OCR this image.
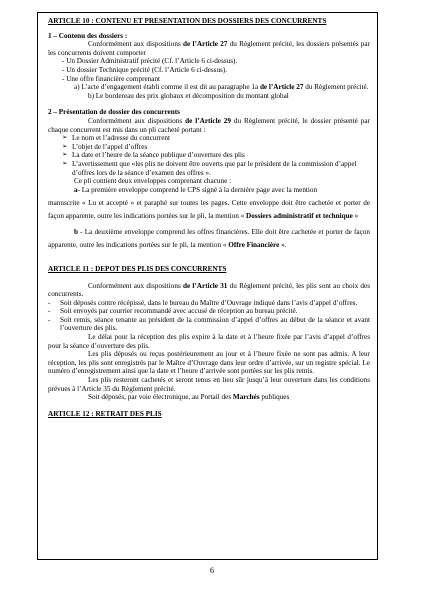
ARTICLE 10 : CONTENU ET PRESENTATION DES DOSSIERS DES CONCURRENTS

1 – Contenu des dossiers :

Conformément aux dispositions de l’Article 27 du Règlement précité, les dossiers présentés par les concurrents doivent comporter

- Un Dossier Administratif précité (Cf. l’Article 6 ci-dessus).

- Un dossier Technique précité (Cf. l’Article 6 ci-dessus).

- Une offre financière comprenant

a) L’acte d’engagement établi comme il est dit au paragraphe 1a de l’Article 27 du Règlement précité.

b) Le bordereau des prix globaux et décomposition du montant global

2 – Présentation de dossier des concurrents

Conformément aux dispositions de l’Article 29 du Règlement précité, le dossier présenté par chaque concurrent est mis dans un pli cacheté portant :

➢ Le nom et l’adresse du concurrent

➢ L’objet de l’appel d’offres

➢ La date et l’heure de la séance publique d’ouverture des plis

➢ L’avertissement que «les plis ne doivent être ouverts que par le président de la commission d’appel d’offres lors de la séance d’examen des offres ».

Ce pli contient deux enveloppes comprenant chacune :

a- La première enveloppe comprend le CPS signé à la dernière page avec la mention

manuscrite « Lu et accepté » et paraphé sur toutes les pages. Cette enveloppe doit être cachetée et porter de façon apparente, outre les indications portées sur le pli, la mention « Dossiers administratif et technique »

b - La deuxième enveloppe comprend les offres financières. Elle doit être cachetée et porter de façon apparente, outre les indications portées sur le pli, la mention « Offre Financière ».

ARTICLE 11 : DEPOT DES PLIS DES CONCURRENTS

Conformément aux dispositions de l’Article 31 du Règlement précité, les plis sont au choix des concurrents.

- Soit déposés contre récépissé, dans le bureau du Maître d’Ouvrage indiqué dans l’avis d’appel d’offres.

- Soit envoyés par courrier recommandé avec accusé de réception au bureau précité.

- Soit remis, séance tenante au président de la commission d’appel d’offres au début de la séance et avant l’ouverture des plis.

Le délai pour la réception des plis expire à la date et à l’heure fixée par l’avis d’appel d’offres pour la séance d’ouverture des plis.

Les plis déposés ou reçus postérieurement au jour et à l’heure fixée ne sont pas admis. A leur réception, les plis sont enregistrés par le Maître d’Ouvrage dans leur ordre d’arrivée, sur un registre spécial. Le numéro d’enregistrement ainsi que la date et l’heure d’arrivée sont portées sur les plis remis.

Les plis resteront cachetés et seront tenus en lieu sûr jusqu’à leur ouverture dans les conditions prévues à l’Article 35 du Règlement précité.

Soit déposés, par voie électronique, au Portail des Marchés publiques

ARTICLE 12 : RETRAIT DES PLIS

6
